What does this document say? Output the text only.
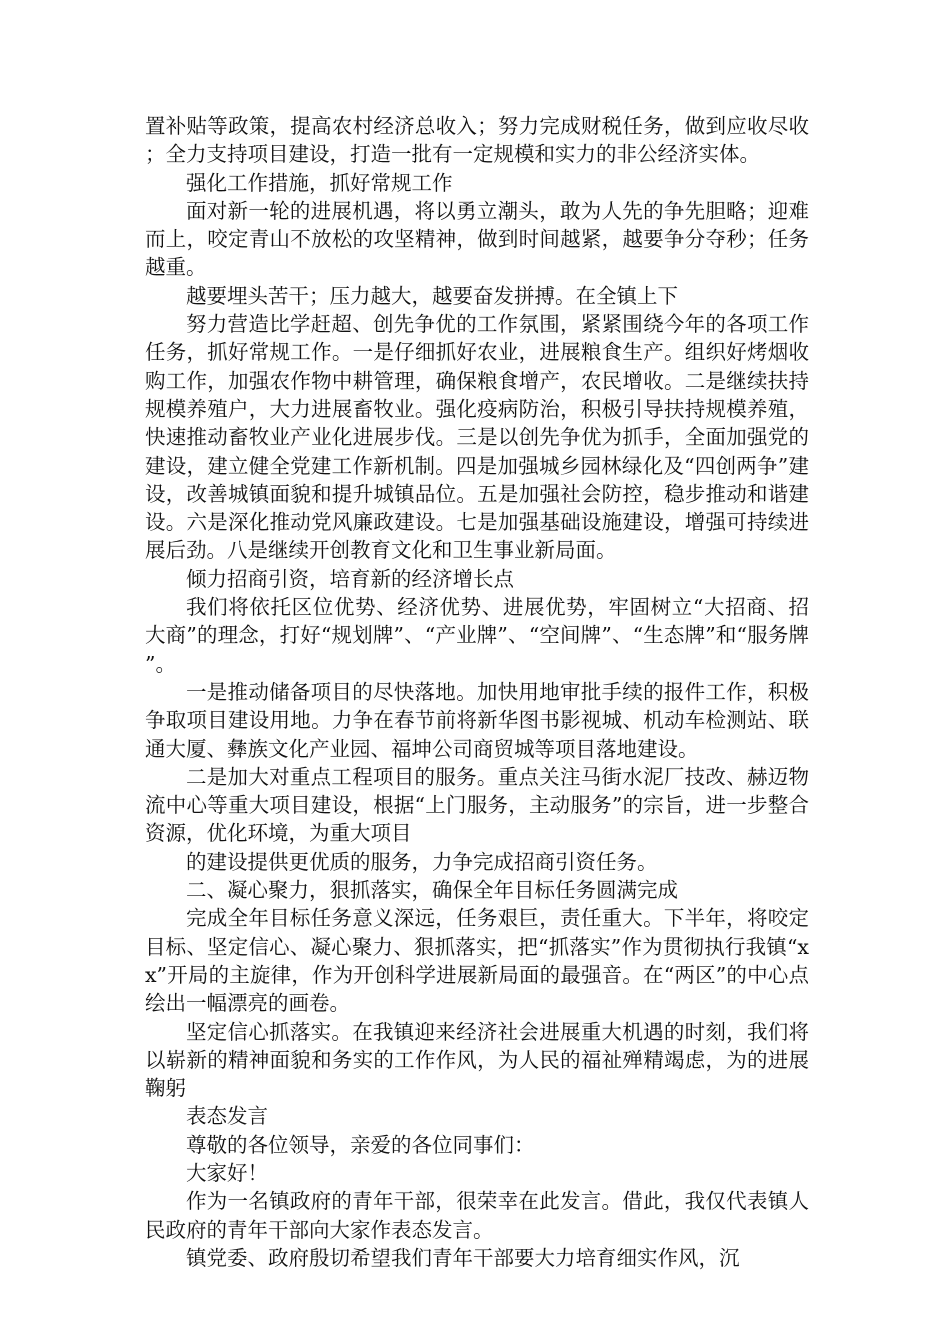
置补贴等政策，提高农村经济总收入；努力完成财税任务，做到应收尽收；全力支持项目建设，打造一批有一定规模和实力的非公经济实体。

强化工作措施，抓好常规工作

面对新一轮的进展机遇，将以勇立潮头，敢为人先的争先胆略；迎难而上，咬定青山不放松的攻坚精神，做到时间越紧，越要争分夺秒；任务越重。

越要埋头苦干；压力越大，越要奋发拼搏。在全镇上下

努力营造比学赶超、创先争优的工作氛围，紧紧围绕今年的各项工作任务，抓好常规工作。一是仔细抓好农业，进展粮食生产。组织好烤烟收购工作，加强农作物中耕管理，确保粮食增产，农民增收。二是继续扶持规模养殖户，大力进展畜牧业。强化疫病防治，积极引导扶持规模养殖，快速推动畜牧业产业化进展步伐。三是以创先争优为抓手，全面加强党的建设，建立健全党建工作新机制。四是加强城乡园林绿化及“四创两争”建设，改善城镇面貌和提升城镇品位。五是加强社会防控，稳步推动和谐建设。六是深化推动党风廉政建设。七是加强基础设施建设，增强可持续进展后劲。八是继续开创教育文化和卫生事业新局面。

倾力招商引资，培育新的经济增长点

我们将依托区位优势、经济优势、进展优势，牢固树立“大招商、招大商”的理念，打好“规划牌”、“产业牌”、“空间牌”、“生态牌”和“服务牌”。

一是推动储备项目的尽快落地。加快用地审批手续的报件工作，积极争取项目建设用地。力争在春节前将新华图书影视城、机动车检测站、联通大厦、彝族文化产业园、福坤公司商贸城等项目落地建设。

二是加大对重点工程项目的服务。重点关注马街水泥厂技改、赫迈物流中心等重大项目建设，根据“上门服务，主动服务”的宗旨，进一步整合资源，优化环境，为重大项目

的建设提供更优质的服务，力争完成招商引资任务。

二、凝心聚力，狠抓落实，确保全年目标任务圆满完成

完成全年目标任务意义深远，任务艰巨，责任重大。下半年，将咬定目标、坚定信心、凝心聚力、狠抓落实，把“抓落实”作为贯彻执行我镇“xx”开局的主旋律，作为开创科学进展新局面的最强音。在“两区”的中心点绘出一幅漂亮的画卷。

坚定信心抓落实。在我镇迎来经济社会进展重大机遇的时刻，我们将以崭新的精神面貌和务实的工作作风，为人民的福祉殚精竭虑，为的进展鞠躬

表态发言

尊敬的各位领导，亲爱的各位同事们：

大家好！

作为一名镇政府的青年干部，很荣幸在此发言。借此，我仅代表镇人民政府的青年干部向大家作表态发言。

镇党委、政府殷切希望我们青年干部要大力培育细实作风，沉
